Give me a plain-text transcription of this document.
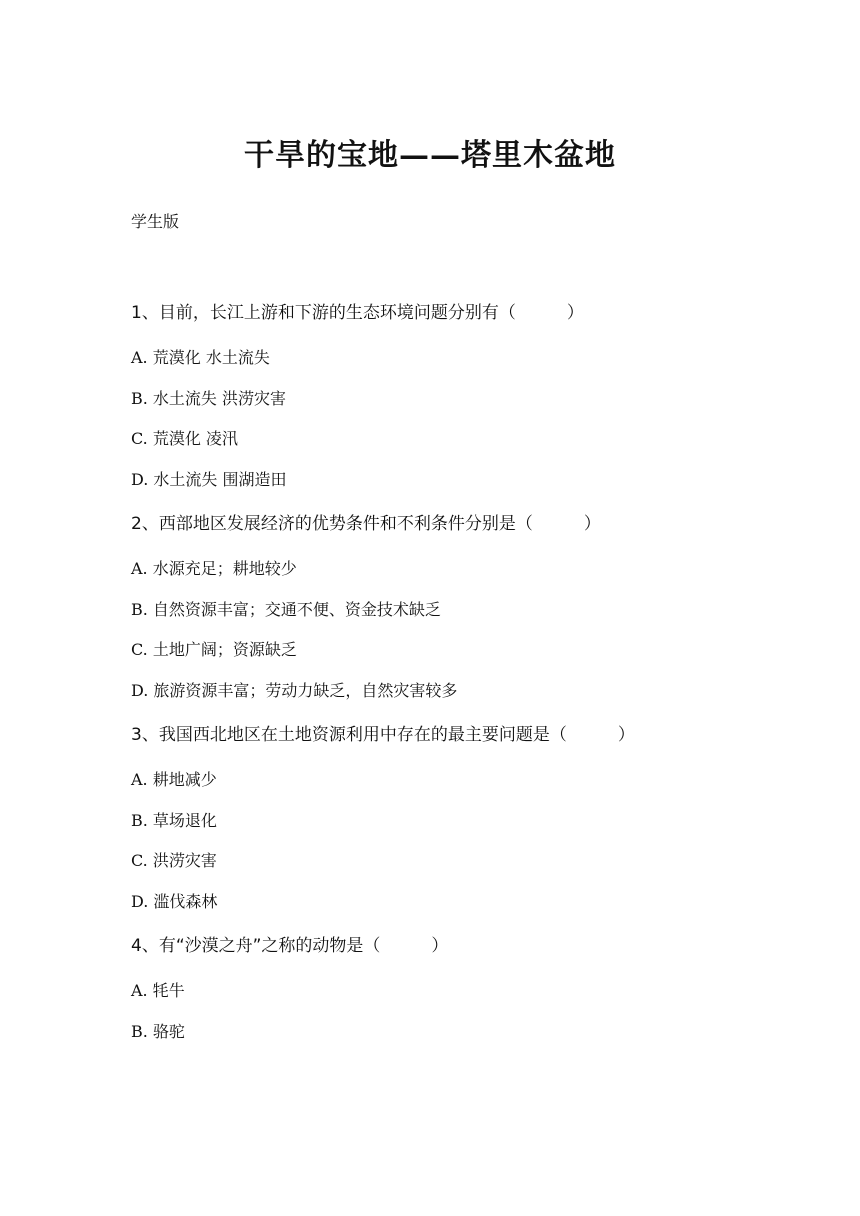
干旱的宝地——塔里木盆地
学生版
1、目前，长江上游和下游的生态环境问题分别有（　　　）
A. 荒漠化 水土流失
B. 水土流失 洪涝灾害
C. 荒漠化 凌汛
D. 水土流失 围湖造田
2、西部地区发展经济的优势条件和不利条件分别是（　　　）
A. 水源充足；耕地较少
B. 自然资源丰富；交通不便、资金技术缺乏
C. 土地广阔；资源缺乏
D. 旅游资源丰富；劳动力缺乏，自然灾害较多
3、我国西北地区在土地资源利用中存在的最主要问题是（　　　）
A. 耕地减少
B. 草场退化
C. 洪涝灾害
D. 滥伐森林
4、有“沙漠之舟”之称的动物是（　　　）
A. 牦牛
B. 骆驼
